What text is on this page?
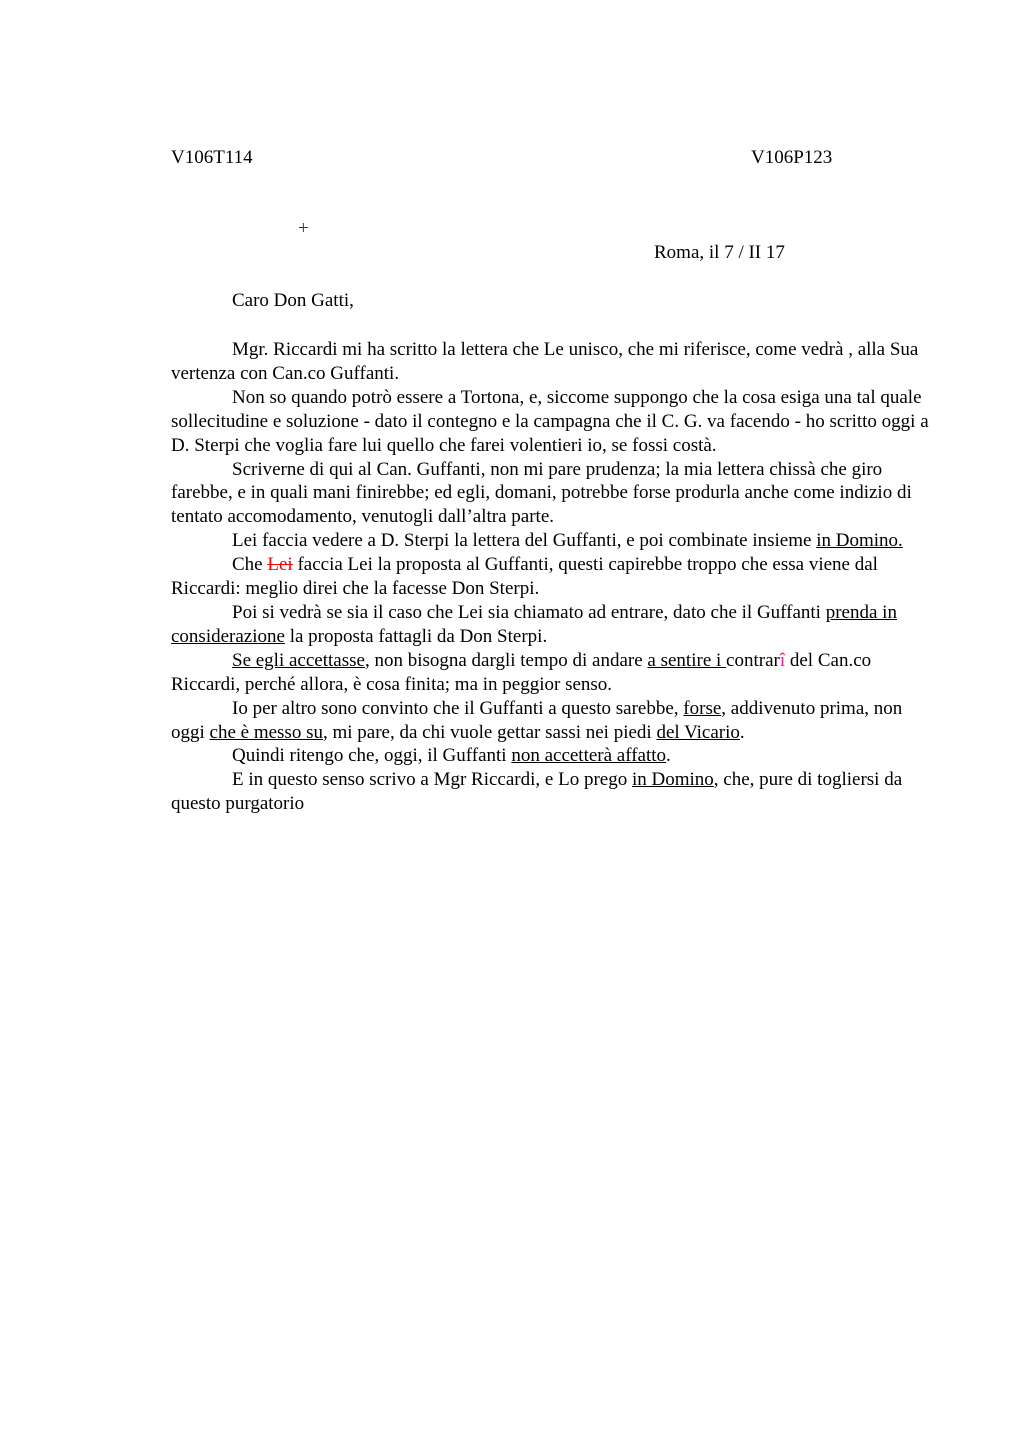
V106T114	V106P123
+
Roma, il 7 / II 17
Caro Don Gatti,

Mgr. Riccardi mi ha scritto la lettera che Le unisco, che mi riferisce, come vedrà , alla Sua vertenza con Can.co Guffanti.

Non so quando potrò essere a Tortona, e, siccome suppongo che la cosa esiga una tal quale sollecitudine e soluzione - dato il contegno e la campagna che il C. G. va facendo - ho scritto oggi a D. Sterpi che voglia fare lui quello che farei volentieri io, se fossi costà.

Scriverne di qui al Can. Guffanti, non mi pare prudenza; la mia lettera chissà che giro farebbe, e in quali mani finirebbe; ed egli, domani, potrebbe forse produrla anche come indizio di tentato accomodamento, venutogli dall’altra parte.

Lei faccia vedere a D. Sterpi la lettera del Guffanti, e poi combinate insieme in Domino.

Che Lei faccia Lei la proposta al Guffanti, questi capirebbe troppo che essa viene dal Riccardi: meglio direi che la facesse Don Sterpi.

Poi si vedrà se sia il caso che Lei sia chiamato ad entrare, dato che il Guffanti prenda in considerazione la proposta fattagli da Don Sterpi.

Se egli accettasse, non bisogna dargli tempo di andare a sentire i contrarî del Can.co Riccardi, perché allora, è cosa finita; ma in peggior senso.

Io per altro sono convinto che il Guffanti a questo sarebbe, forse, addivenuto prima, non oggi che è messo su, mi pare, da chi vuole gettar sassi nei piedi del Vicario.

Quindi ritengo che, oggi, il Guffanti non accetterà affatto.

E in questo senso scrivo a Mgr Riccardi, e Lo prego in Domino, che, pure di togliersi da questo purgatorio
